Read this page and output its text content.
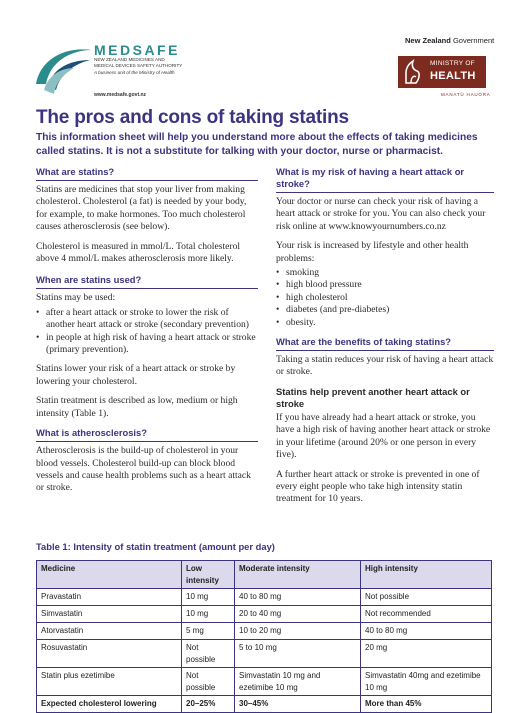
MEDSAFE
NEW ZEALAND MEDICINES AND MEDICAL DEVICES SAFETY AUTHORITY
A business unit of the Ministry of Health
www.medsafe.govt.nz
New Zealand Government
MINISTRY OF
HEALTH
MANATŪ HAUORA
The pros and cons of taking statins
This information sheet will help you understand more about the effects of taking medicines called statins. It is not a substitute for talking with your doctor, nurse or pharmacist.
What are statins?
Statins are medicines that stop your liver from making cholesterol. Cholesterol (a fat) is needed by your body, for example, to make hormones. Too much cholesterol causes atherosclerosis (see below).
Cholesterol is measured in mmol/L. Total cholesterol above 4 mmol/L makes atherosclerosis more likely.
When are statins used?
Statins may be used:
• after a heart attack or stroke to lower the risk of another heart attack or stroke (secondary prevention)
• in people at high risk of having a heart attack or stroke (primary prevention).
Statins lower your risk of a heart attack or stroke by lowering your cholesterol.
Statin treatment is described as low, medium or high intensity (Table 1).
What is atherosclerosis?
Atherosclerosis is the build-up of cholesterol in your blood vessels. Cholesterol build-up can block blood vessels and cause health problems such as a heart attack or stroke.
What is my risk of having a heart attack or stroke?
Your doctor or nurse can check your risk of having a heart attack or stroke for you. You can also check your risk online at www.knowyournumbers.co.nz
Your risk is increased by lifestyle and other health problems:
• smoking
• high blood pressure
• high cholesterol
• diabetes (and pre-diabetes)
• obesity.
What are the benefits of taking statins?
Taking a statin reduces your risk of having a heart attack or stroke.
Statins help prevent another heart attack or stroke
If you have already had a heart attack or stroke, you have a high risk of having another heart attack or stroke in your lifetime (around 20% or one person in every five).
A further heart attack or stroke is prevented in one of every eight people who take high intensity statin treatment for 10 years.
Table 1: Intensity of statin treatment (amount per day)
Medicine	Low intensity	Moderate intensity	High intensity
Pravastatin	10 mg	40 to 80 mg	Not possible
Simvastatin	10 mg	20 to 40 mg	Not recommended
Atorvastatin	5 mg	10 to 20 mg	40 to 80 mg
Rosuvastatin	Not possible	5 to 10 mg	20 mg
Statin plus ezetimibe	Not possible	Simvastatin 10 mg and ezetimibe 10 mg	Simvastatin 40mg and ezetimibe 10 mg
Expected cholesterol lowering	20–25%	30–45%	More than 45%
